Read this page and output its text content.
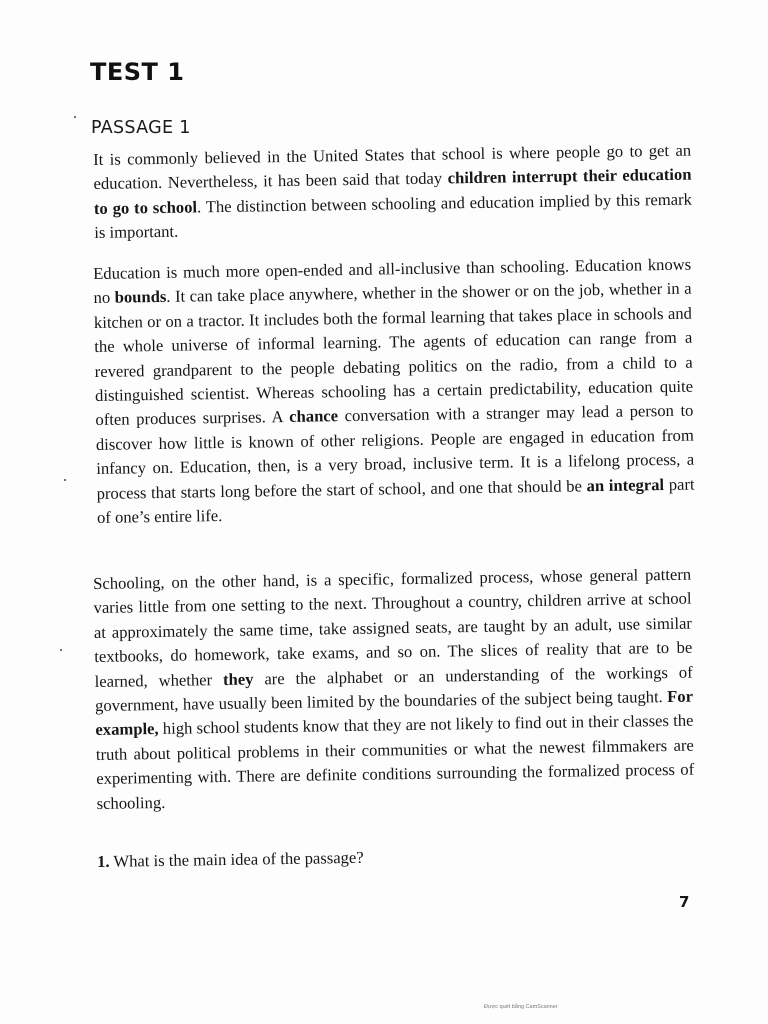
TEST 1
PASSAGE 1

It is commonly believed in the United States that school is where people go to get an education. Nevertheless, it has been said that today children interrupt their education to go to school. The distinction between schooling and education implied by this remark is important.

Education is much more open-ended and all-inclusive than schooling. Education knows no bounds. It can take place anywhere, whether in the shower or on the job, whether in a kitchen or on a tractor. It includes both the formal learning that takes place in schools and the whole universe of informal learning. The agents of education can range from a revered grandparent to the people debating politics on the radio, from a child to a distinguished scientist. Whereas schooling has a certain predictability, education quite often produces surprises. A chance conversation with a stranger may lead a person to discover how little is known of other religions. People are engaged in education from infancy on. Education, then, is a very broad, inclusive term. It is a lifelong process, a process that starts long before the start of school, and one that should be an integral part of one’s entire life.

Schooling, on the other hand, is a specific, formalized process, whose general pattern varies little from one setting to the next. Throughout a country, children arrive at school at approximately the same time, take assigned seats, are taught by an adult, use similar textbooks, do homework, take exams, and so on. The slices of reality that are to be learned, whether they are the alphabet or an understanding of the workings of government, have usually been limited by the boundaries of the subject being taught. For example, high school students know that they are not likely to find out in their classes the truth about political problems in their communities or what the newest filmmakers are experimenting with. There are definite conditions surrounding the formalized process of schooling.

1. What is the main idea of the passage?
7
Được quét bằng CamScanner
